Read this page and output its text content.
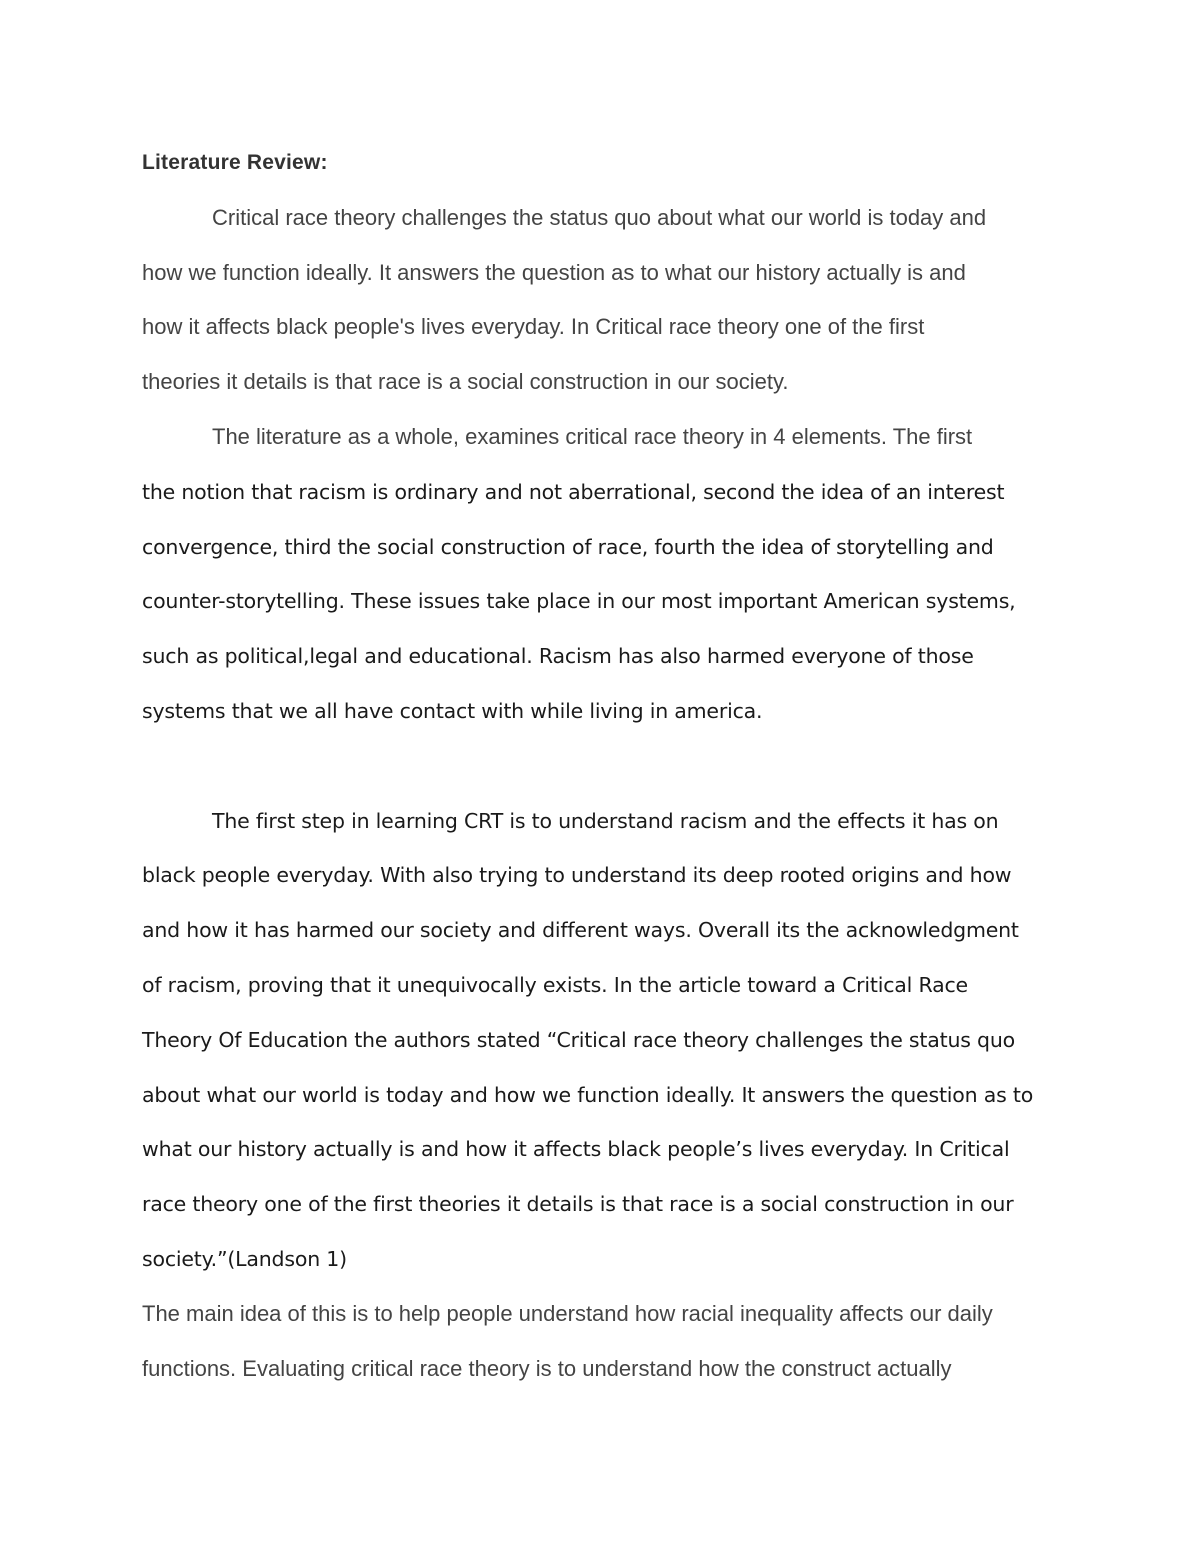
Literature Review:

Critical race theory challenges the status quo about what our world is today and
how we function ideally. It answers the question as to what our history actually is and
how it affects black people's lives everyday. In Critical race theory one of the first
theories it details is that race is a social construction in our society.
The literature as a whole, examines critical race theory in 4 elements. The first
the notion that racism is ordinary and not aberrational, second the idea of an interest
convergence, third the social construction of race, fourth the idea of storytelling and
counter-storytelling. These issues take place in our most important American systems,
such as political,legal and educational. Racism has also harmed everyone of those
systems that we all have contact with while living in america.
The first step in learning CRT is to understand racism and the effects it has on
black people everyday. With also trying to understand its deep rooted origins and how
and how it has harmed our society and different ways. Overall its the acknowledgment
of racism, proving that it unequivocally exists. In the article toward a Critical Race
Theory Of Education the authors stated “Critical race theory challenges the status quo
about what our world is today and how we function ideally. It answers the question as to
what our history actually is and how it affects black people’s lives everyday. In Critical
race theory one of the first theories it details is that race is a social construction in our
society.”(Landson 1)
The main idea of this is to help people understand how racial inequality affects our daily
functions. Evaluating critical race theory is to understand how the construct actually
